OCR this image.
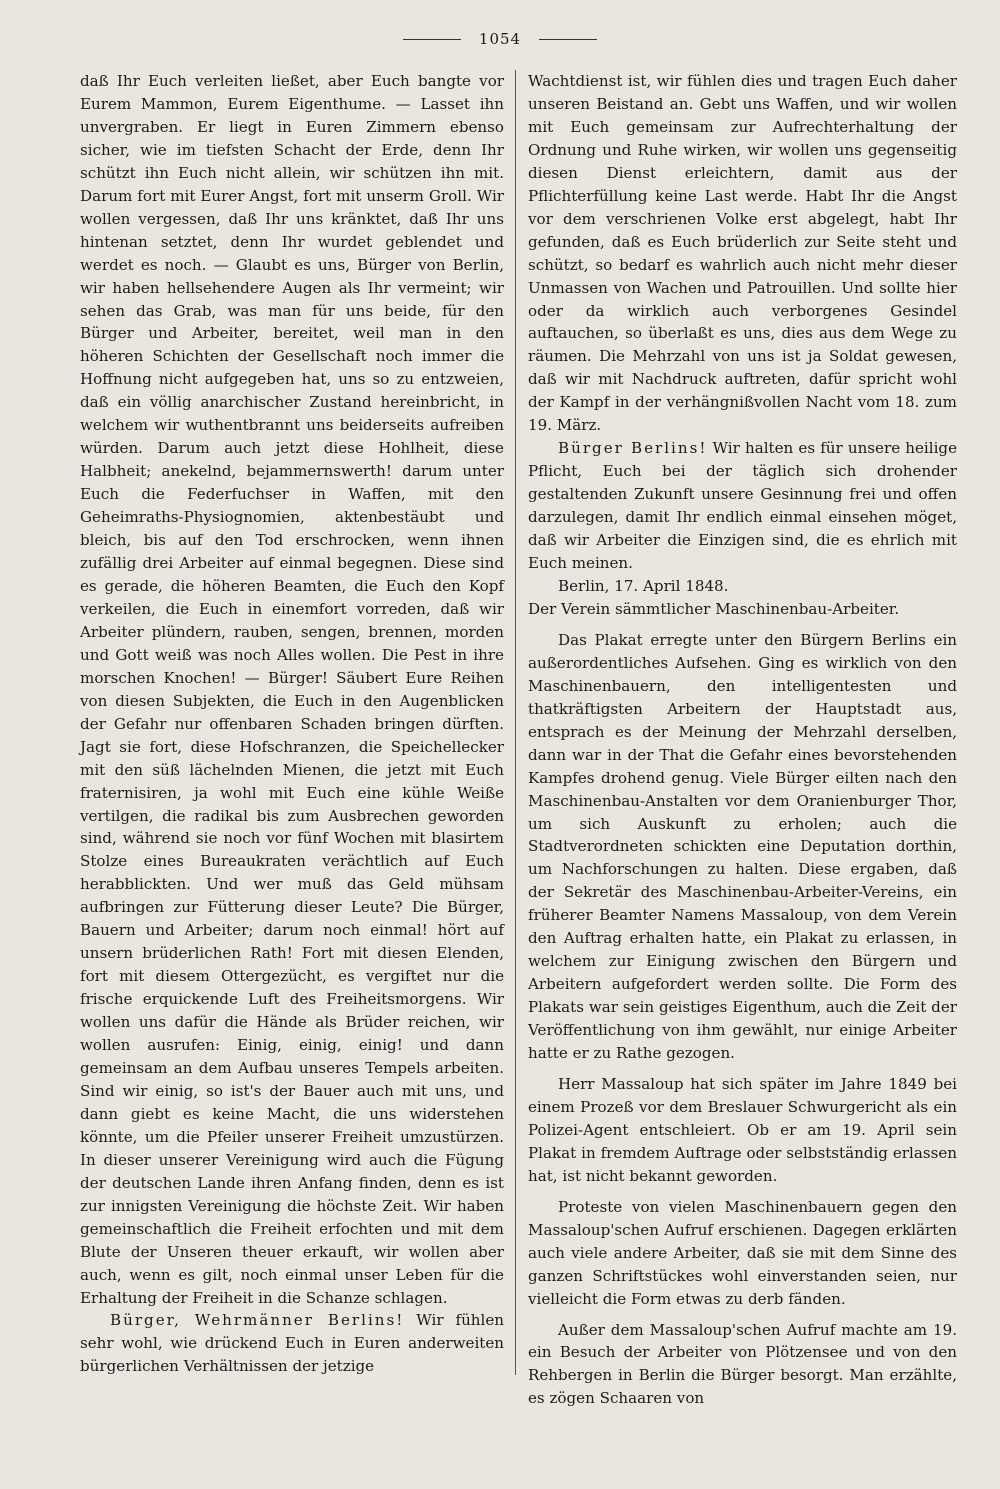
1054

daß Ihr Euch verleiten ließet, aber Euch bangte vor Eurem Mammon, Eurem Eigenthume. — Lasset ihn unvergraben. Er liegt in Euren Zimmern ebenso sicher, wie im tiefsten Schacht der Erde, denn Ihr schützt ihn Euch nicht allein, wir schützen ihn mit. Darum fort mit Eurer Angst, fort mit unserm Groll. Wir wollen vergessen, daß Ihr uns kränktet, daß Ihr uns hintenan setztet, denn Ihr wurdet geblendet und werdet es noch. — Glaubt es uns, Bürger von Berlin, wir haben hellsehendere Augen als Ihr vermeint; wir sehen das Grab, was man für uns beide, für den Bürger und Arbeiter, bereitet, weil man in den höheren Schichten der Gesellschaft noch immer die Hoffnung nicht aufgegeben hat, uns so zu entzweien, daß ein völlig anarchischer Zustand hereinbricht, in welchem wir wuthentbrannt uns beiderseits aufreiben würden. Darum auch jetzt diese Hohlheit, diese Halbheit; anekelnd, bejammernswerth! darum unter Euch die Federfuchser in Waffen, mit den Geheimraths-Physiognomien, aktenbestäubt und bleich, bis auf den Tod erschrocken, wenn ihnen zufällig drei Arbeiter auf einmal begegnen. Diese sind es gerade, die höheren Beamten, die Euch den Kopf verkeilen, die Euch in einemfort vorreden, daß wir Arbeiter plündern, rauben, sengen, brennen, morden und Gott weiß was noch Alles wollen. Die Pest in ihre morschen Knochen! — Bürger! Säubert Eure Reihen von diesen Subjekten, die Euch in den Augenblicken der Gefahr nur offenbaren Schaden bringen dürften. Jagt sie fort, diese Hofschranzen, die Speichellecker mit den süß lächelnden Mienen, die jetzt mit Euch fraternisiren, ja wohl mit Euch eine kühle Weiße vertilgen, die radikal bis zum Ausbrechen geworden sind, während sie noch vor fünf Wochen mit blasirtem Stolze eines Bureaukraten verächtlich auf Euch herabblickten. Und wer muß das Geld mühsam aufbringen zur Fütterung dieser Leute? Die Bürger, Bauern und Arbeiter; darum noch einmal! hört auf unsern brüderlichen Rath! Fort mit diesen Elenden, fort mit diesem Ottergezücht, es vergiftet nur die frische erquickende Luft des Freiheitsmorgens. Wir wollen uns dafür die Hände als Brüder reichen, wir wollen ausrufen: Einig, einig, einig! und dann gemeinsam an dem Aufbau unseres Tempels arbeiten. Sind wir einig, so ist's der Bauer auch mit uns, und dann giebt es keine Macht, die uns widerstehen könnte, um die Pfeiler unserer Freiheit umzustürzen. In dieser unserer Vereinigung wird auch die Fügung der deutschen Lande ihren Anfang finden, denn es ist zur innigsten Vereinigung die höchste Zeit. Wir haben gemeinschaftlich die Freiheit erfochten und mit dem Blute der Unseren theuer erkauft, wir wollen aber auch, wenn es gilt, noch einmal unser Leben für die Erhaltung der Freiheit in die Schanze schlagen.

Bürger, Wehrmänner Berlins! Wir fühlen sehr wohl, wie drückend Euch in Euren anderweiten bürgerlichen Verhältnissen der jetzige

Wachtdienst ist, wir fühlen dies und tragen Euch daher unseren Beistand an. Gebt uns Waffen, und wir wollen mit Euch gemeinsam zur Aufrechterhaltung der Ordnung und Ruhe wirken, wir wollen uns gegenseitig diesen Dienst erleichtern, damit aus der Pflichterfüllung keine Last werde. Habt Ihr die Angst vor dem verschrienen Volke erst abgelegt, habt Ihr gefunden, daß es Euch brüderlich zur Seite steht und schützt, so bedarf es wahrlich auch nicht mehr dieser Unmassen von Wachen und Patrouillen. Und sollte hier oder da wirklich auch verborgenes Gesindel auftauchen, so überlaßt es uns, dies aus dem Wege zu räumen. Die Mehrzahl von uns ist ja Soldat gewesen, daß wir mit Nachdruck auftreten, dafür spricht wohl der Kampf in der verhängnißvollen Nacht vom 18. zum 19. März.

Bürger Berlins! Wir halten es für unsere heilige Pflicht, Euch bei der täglich sich drohender gestaltenden Zukunft unsere Gesinnung frei und offen darzulegen, damit Ihr endlich einmal einsehen möget, daß wir Arbeiter die Einzigen sind, die es ehrlich mit Euch meinen.

Berlin, 17. April 1848.

Der Verein sämmtlicher Maschinenbau-Arbeiter.

Das Plakat erregte unter den Bürgern Berlins ein außerordentliches Aufsehen. Ging es wirklich von den Maschinenbauern, den intelligentesten und thatkräftigsten Arbeitern der Hauptstadt aus, entsprach es der Meinung der Mehrzahl derselben, dann war in der That die Gefahr eines bevorstehenden Kampfes drohend genug. Viele Bürger eilten nach den Maschinenbau-Anstalten vor dem Oranienburger Thor, um sich Auskunft zu erholen; auch die Stadtverordneten schickten eine Deputation dorthin, um Nachforschungen zu halten. Diese ergaben, daß der Sekretär des Maschinenbau-Arbeiter-Vereins, ein früherer Beamter Namens Massaloup, von dem Verein den Auftrag erhalten hatte, ein Plakat zu erlassen, in welchem zur Einigung zwischen den Bürgern und Arbeitern aufgefordert werden sollte. Die Form des Plakats war sein geistiges Eigenthum, auch die Zeit der Veröffentlichung von ihm gewählt, nur einige Arbeiter hatte er zu Rathe gezogen.

Herr Massaloup hat sich später im Jahre 1849 bei einem Prozeß vor dem Breslauer Schwurgericht als ein Polizei-Agent entschleiert. Ob er am 19. April sein Plakat in fremdem Auftrage oder selbstständig erlassen hat, ist nicht bekannt geworden.

Proteste von vielen Maschinenbauern gegen den Massaloup'schen Aufruf erschienen. Dagegen erklärten auch viele andere Arbeiter, daß sie mit dem Sinne des ganzen Schriftstückes wohl einverstanden seien, nur vielleicht die Form etwas zu derb fänden.

Außer dem Massaloup'schen Aufruf machte am 19. ein Besuch der Arbeiter von Plötzensee und von den Rehbergen in Berlin die Bürger besorgt. Man erzählte, es zögen Schaaren von
